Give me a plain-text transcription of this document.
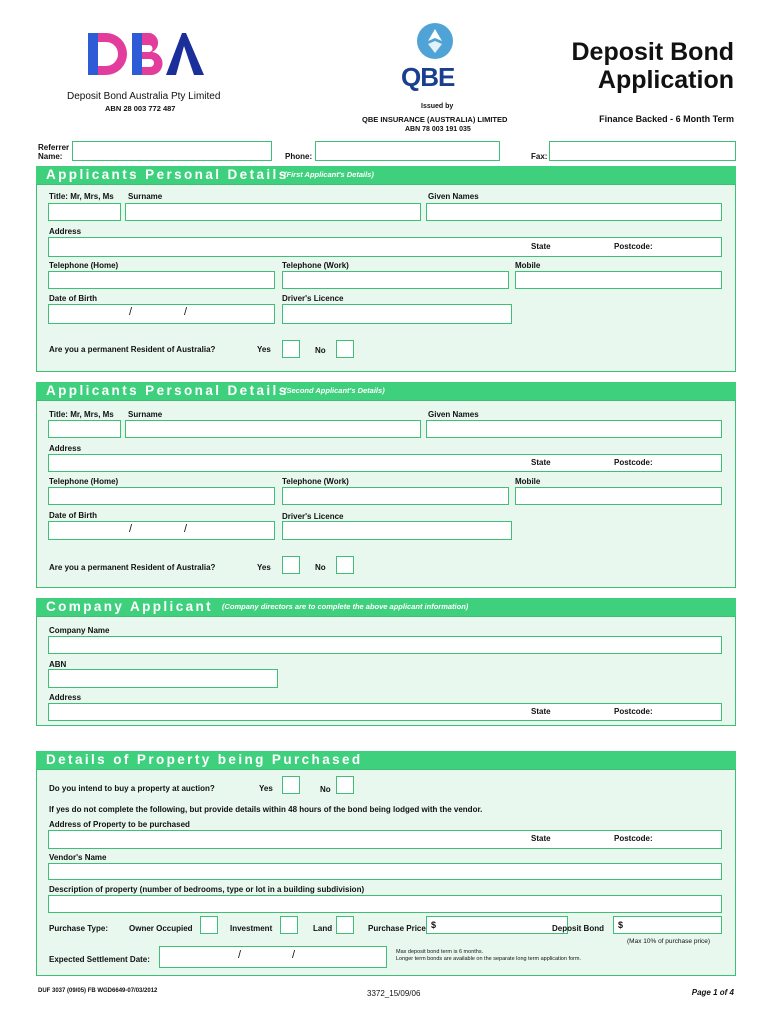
Deposit Bond Australia Pty Limited
ABN 28 003 772 487
QBE
Issued by
QBE INSURANCE (AUSTRALIA) LIMITED
ABN 78 003 191 035
Deposit Bond
Application
Finance Backed - 6 Month Term
Referrer
Name:	Phone:	Fax:
Applicants Personal Details
(First Applicant's Details)
Title: Mr, Mrs, Ms Surname	Given Names
Address
State	Postcode:
Telephone (Home)	Telephone (Work)	Mobile
Date of Birth	Driver's Licence
/	/
Are you a permanent Resident of Australia?	Yes	No
Applicants Personal Details
(Second Applicant's Details)
Title: Mr, Mrs, Ms Surname	Given Names
Address
State	Postcode:
Telephone (Home)	Telephone (Work)	Mobile
Date of Birth	Driver's Licence
/	/
Are you a permanent Resident of Australia?	Yes	No
Company Applicant (Company directors are to complete the above applicant information)
Company Name
ABN
Address
State	Postcode:
Details of Property being Purchased
Do you intend to buy a property at auction?	Yes	No
If yes do not complete the following, but provide details within 48 hours of the bond being lodged with the vendor.
Address of Property to be purchased
State	Postcode:
Vendor's Name
Description of property (number of bedrooms, type or lot in a building subdivision)
Purchase Type:	Owner Occupied	Investment	Land	Purchase Price $	Deposit Bond $
(Max 10% of purchase price)
Expected Settlement Date:	/	/	Max deposit bond term is 6 months.
Longer term bonds are available on the separate long term application form.
DUF 3037 (09/05) FB WGD6649-07/03/2012	3372_15/09/06	Page 1 of 4
